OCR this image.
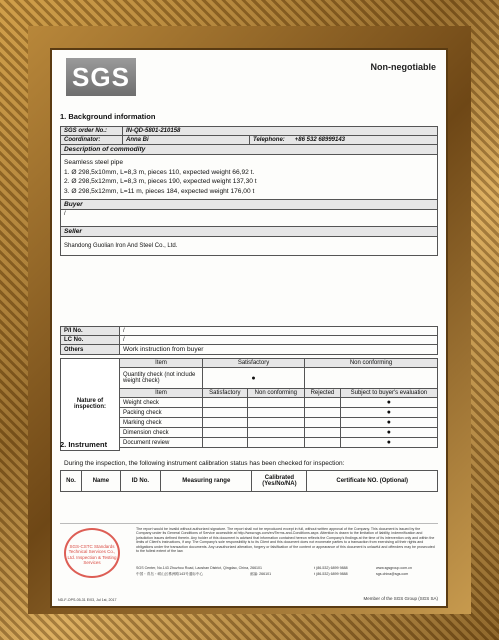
SGS	Non-negotiable
1. Background information
SGS order No.:	IN-QD-5801-210158	
Coordinator:	Anna Bi	Telephone: +86 532 68999143
Description of commodity		

Seamless steel pipe
1. Ø 298,5x10mm, L=8,3 m, pieces 110, expected weight 66,92 t.
2. Ø 298,5x12mm, L=8,3 m, pieces 190, expected weight 137,30 t
3. Ø 298,5x12mm, L=11 m, pieces 184, expected weight 176,00 t		

Buyer		
/		
Seller		
Shandong Guolian Iron And Steel Co., Ltd.		
P/I No.	/
LC No.	/
Others	Work instruction from buyer
Nature of inspection:	Item	Satisfactory		Non conforming	
	Quantity check (not include weight check)	●			
	Item	Satisfactory	Non conforming	Rejected	Subject to buyer's evaluation
	Weight check				●
	Packing check				●
	Marking check				●
	Dimension check				●
	Document review				●

2. Instrument
During the inspection, the following instrument calibration status has been checked for inspection:
No.	Name	ID No.	Measuring range	Calibrated (Yes/No/NA)	Certificate NO. (Optional)
SGS-CSTC Standards Technical Services Co., Ltd. Inspection & Testing Services
The report would be invalid without authorized signature. The report shall not be reproduced except in full, without written approval of the Company. This document is issued by the Company under its General Conditions of Service accessible at http://www.sgs.com/en/Terms-and-Conditions.aspx. Attention is drawn to the limitation of liability, indemnification and jurisdiction issues defined therein. Any holder of this document is advised that information contained hereon reflects the Company's findings at the time of its intervention only and within the limits of Client's instructions, if any. The Company's sole responsibility is to its Client and this document does not exonerate parties to a transaction from exercising all their rights and obligations under the transaction documents. Any unauthorized alteration, forgery or falsification of the content or appearance of this document is unlawful and offenders may be prosecuted to the fullest extent of the law.
SGS Center, No.143 Zhuzhou Road, Laoshan District, Qingdao, China, 266101	t (86-532) 6899 9888	www.sgsgroup.com.cn
中国・青岛・崂山区株洲路143号通标中心	邮编: 266101	t (86-532) 6899 9888	sgs.china@sgs.com
ND-F-OPS-05-31 E/03, Jul 1st, 2017	Member of the SGS Group (SGS SA)
